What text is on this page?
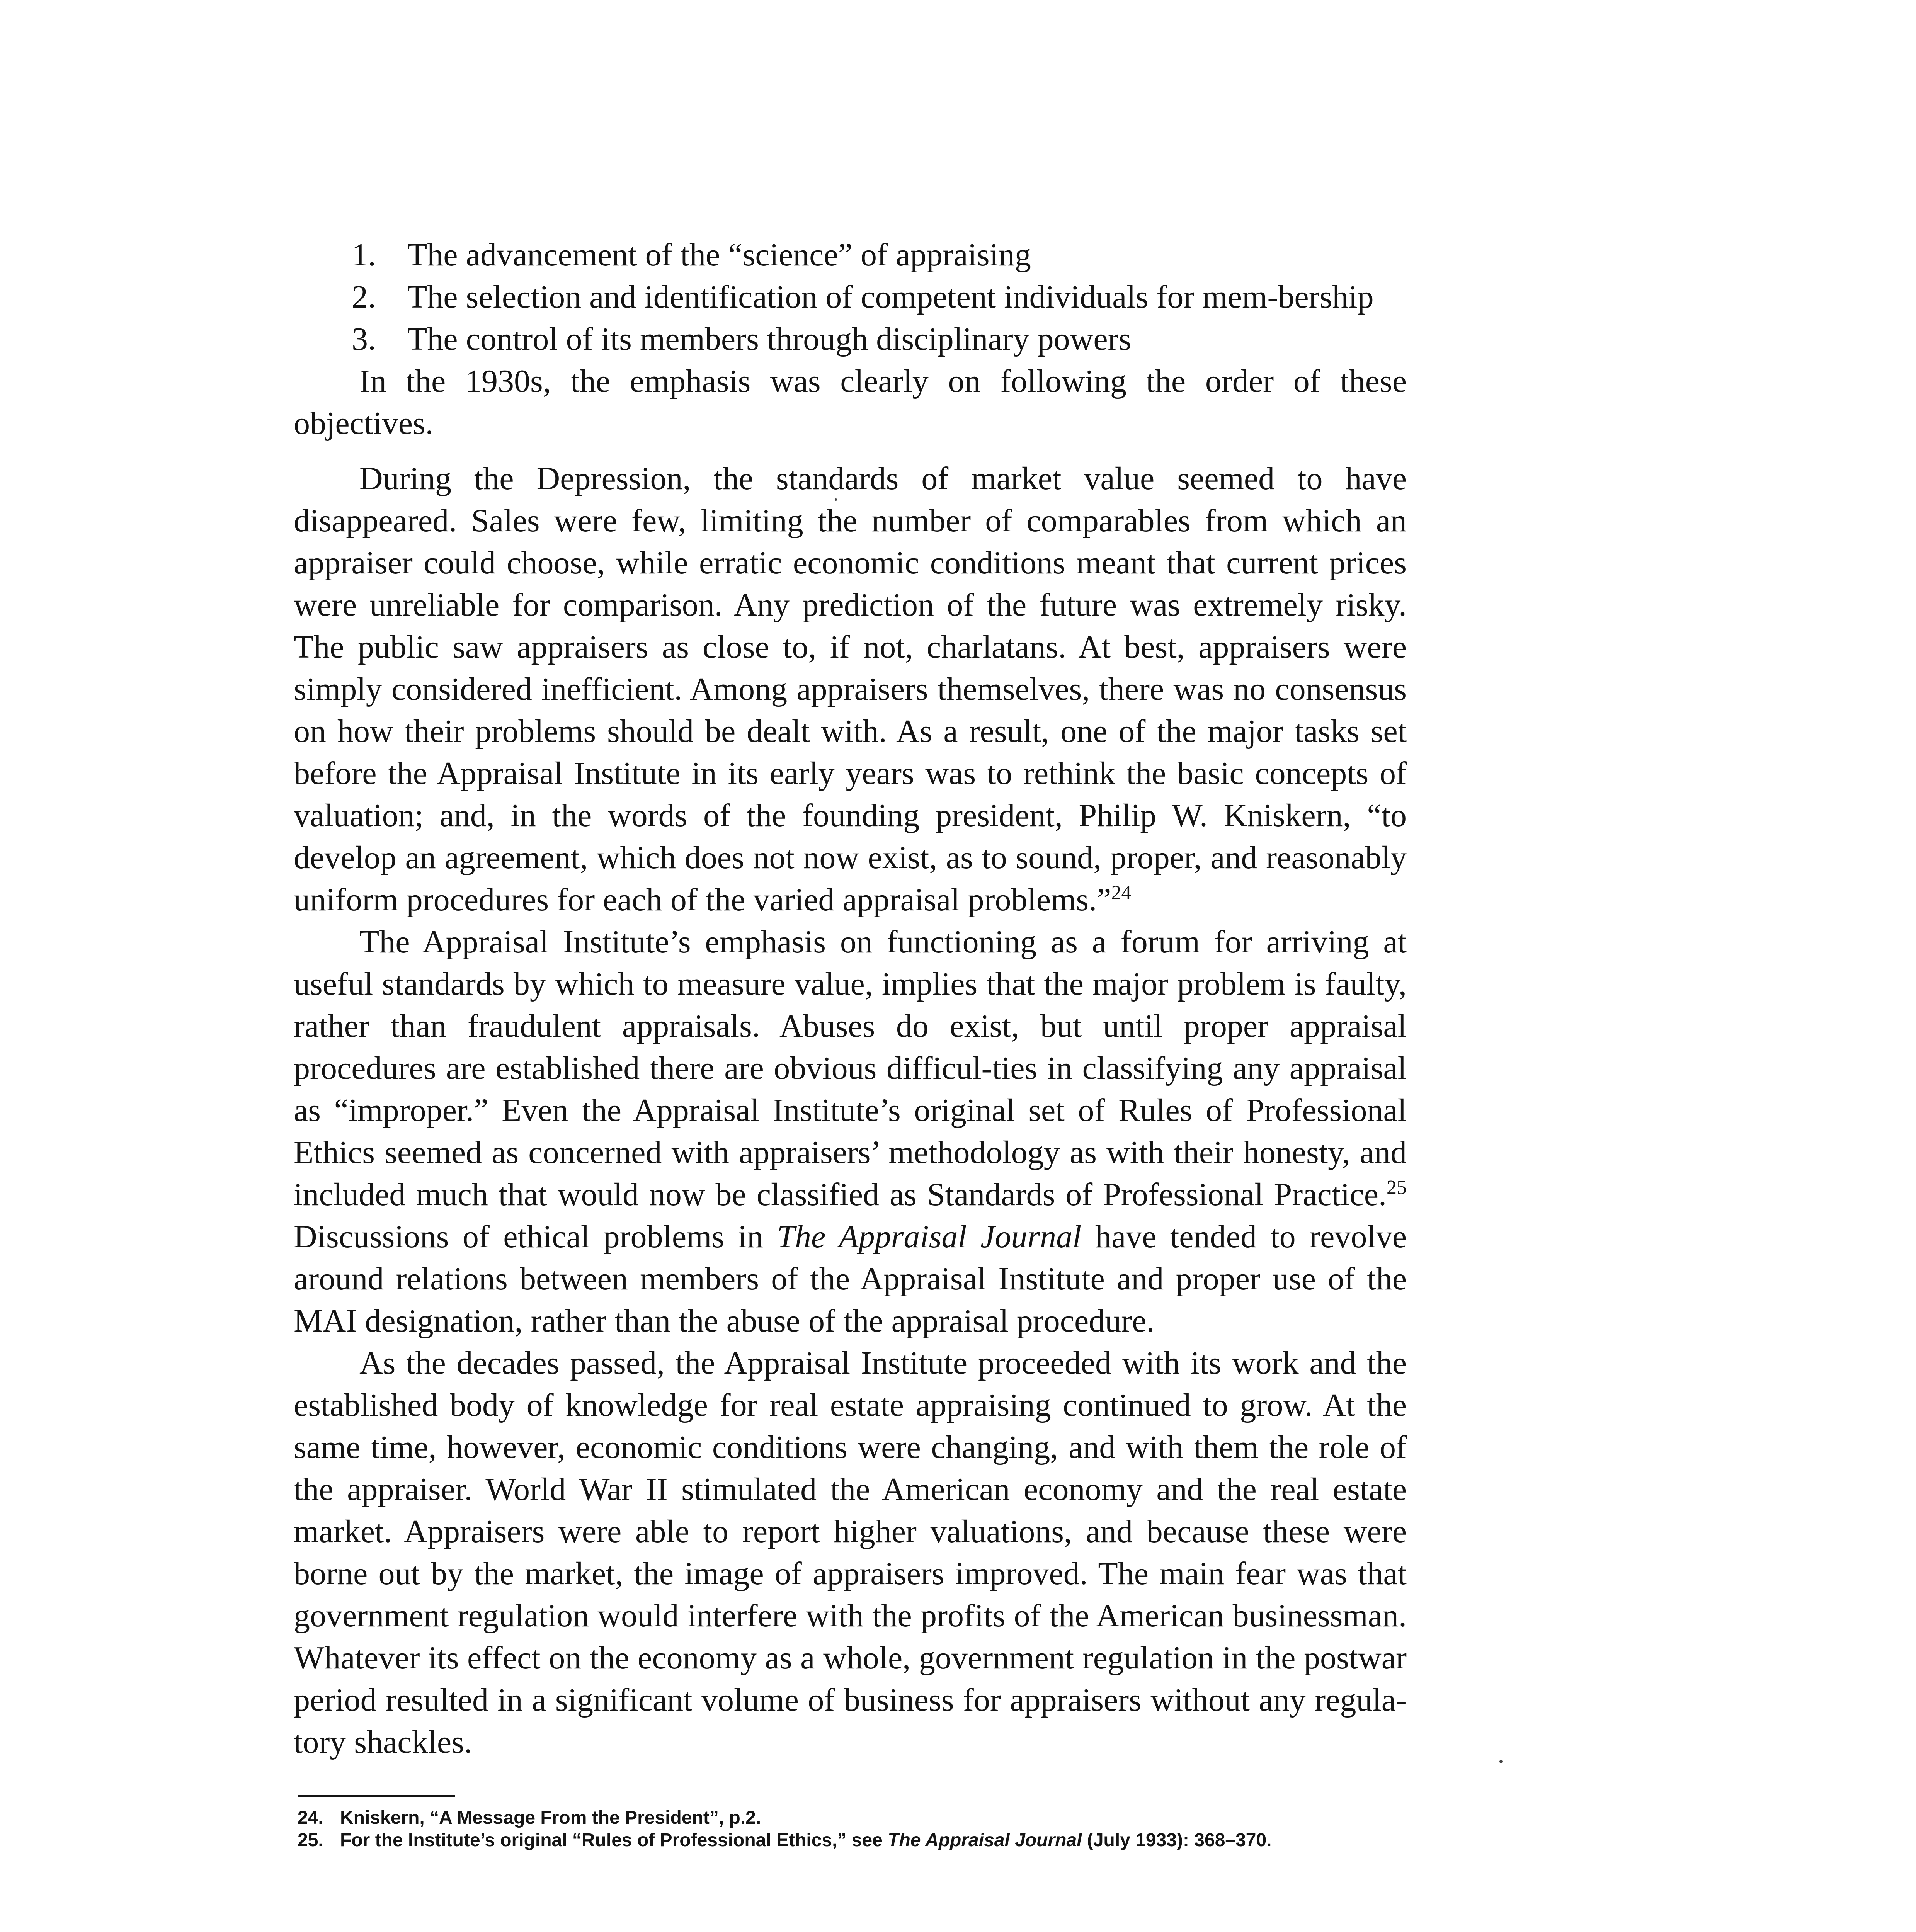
1. The advancement of the “science” of appraising
2. The selection and identification of competent individuals for mem-bership
3. The control of its members through disciplinary powers

In the 1930s, the emphasis was clearly on following the order of these objectives.

During the Depression, the standards of market value seemed to have disappeared. Sales were few, limiting the number of comparables from which an appraiser could choose, while erratic economic conditions meant that current prices were unreliable for comparison. Any prediction of the future was extremely risky. The public saw appraisers as close to, if not, charlatans. At best, appraisers were simply considered inefficient. Among appraisers themselves, there was no consensus on how their problems should be dealt with. As a result, one of the major tasks set before the Appraisal Institute in its early years was to rethink the basic concepts of valuation; and, in the words of the founding president, Philip W. Kniskern, “to develop an agreement, which does not now exist, as to sound, proper, and reasonably uniform procedures for each of the varied appraisal problems.”$^{24}$

The Appraisal Institute’s emphasis on functioning as a forum for arriving at useful standards by which to measure value, implies that the major problem is faulty, rather than fraudulent appraisals. Abuses do exist, but until proper appraisal procedures are established there are obvious difficul-ties in classifying any appraisal as “improper.” Even the Appraisal Institute’s original set of Rules of Professional Ethics seemed as concerned with appraisers’ methodology as with their honesty, and included much that would now be classified as Standards of Professional Practice.$^{25}$ Discussions of ethical problems in The Appraisal Journal have tended to revolve around relations between members of the Appraisal Institute and proper use of the MAI designation, rather than the abuse of the appraisal procedure.

As the decades passed, the Appraisal Institute proceeded with its work and the established body of knowledge for real estate appraising continued to grow. At the same time, however, economic conditions were changing, and with them the role of the appraiser. World War II stimulated the American economy and the real estate market. Appraisers were able to report higher valuations, and because these were borne out by the market, the image of appraisers improved. The main fear was that government regulation would interfere with the profits of the American businessman. Whatever its effect on the economy as a whole, government regulation in the postwar period resulted in a significant volume of business for appraisers without any regula-tory shackles.

24. Kniskern, “A Message From the President”, p.2.
25. For the Institute’s original “Rules of Professional Ethics,” see The Appraisal Journal (July 1933): 368–370.
